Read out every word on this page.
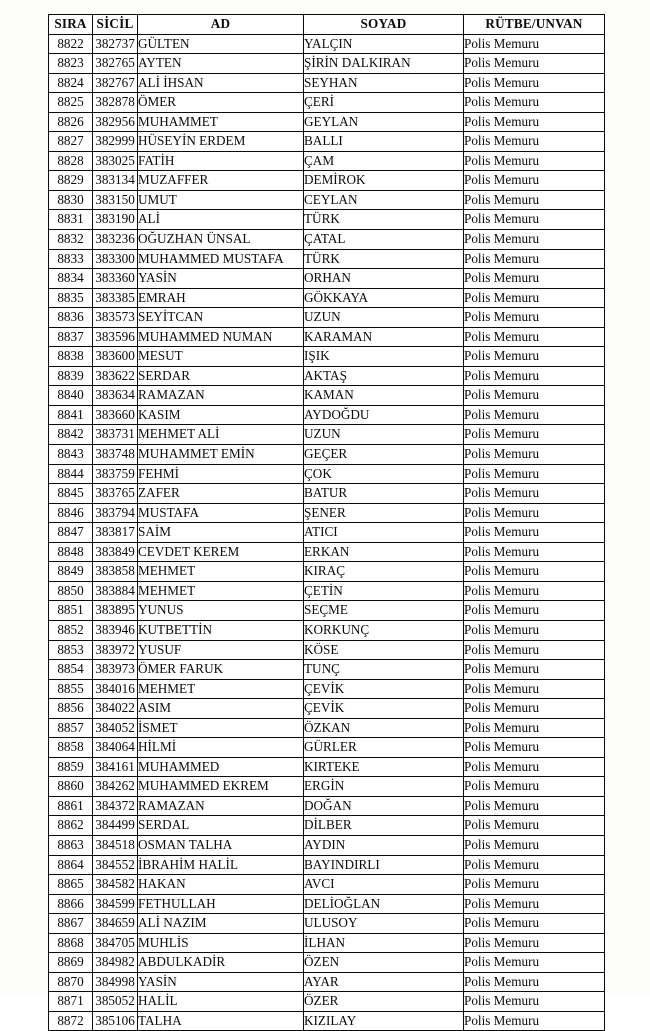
SIRA	SİCİL	AD	SOYAD	RÜTBE/UNVAN
8822	382737	GÜLTEN	YALÇIN	Polis Memuru
8823	382765	AYTEN	ŞİRİN DALKIRAN	Polis Memuru
8824	382767	ALİ İHSAN	SEYHAN	Polis Memuru
8825	382878	ÖMER	ÇERİ	Polis Memuru
8826	382956	MUHAMMET	GEYLAN	Polis Memuru
8827	382999	HÜSEYİN ERDEM	BALLI	Polis Memuru
8828	383025	FATİH	ÇAM	Polis Memuru
8829	383134	MUZAFFER	DEMİROK	Polis Memuru
8830	383150	UMUT	CEYLAN	Polis Memuru
8831	383190	ALİ	TÜRK	Polis Memuru
8832	383236	OĞUZHAN ÜNSAL	ÇATAL	Polis Memuru
8833	383300	MUHAMMED MUSTAFA	TÜRK	Polis Memuru
8834	383360	YASİN	ORHAN	Polis Memuru
8835	383385	EMRAH	GÖKKAYA	Polis Memuru
8836	383573	SEYİTCAN	UZUN	Polis Memuru
8837	383596	MUHAMMED NUMAN	KARAMAN	Polis Memuru
8838	383600	MESUT	IŞIK	Polis Memuru
8839	383622	SERDAR	AKTAŞ	Polis Memuru
8840	383634	RAMAZAN	KAMAN	Polis Memuru
8841	383660	KASIM	AYDOĞDU	Polis Memuru
8842	383731	MEHMET ALİ	UZUN	Polis Memuru
8843	383748	MUHAMMET EMİN	GEÇER	Polis Memuru
8844	383759	FEHMİ	ÇOK	Polis Memuru
8845	383765	ZAFER	BATUR	Polis Memuru
8846	383794	MUSTAFA	ŞENER	Polis Memuru
8847	383817	SAİM	ATICI	Polis Memuru
8848	383849	CEVDET KEREM	ERKAN	Polis Memuru
8849	383858	MEHMET	KIRAÇ	Polis Memuru
8850	383884	MEHMET	ÇETİN	Polis Memuru
8851	383895	YUNUS	SEÇME	Polis Memuru
8852	383946	KUTBETTİN	KORKUNÇ	Polis Memuru
8853	383972	YUSUF	KÖSE	Polis Memuru
8854	383973	ÖMER FARUK	TUNÇ	Polis Memuru
8855	384016	MEHMET	ÇEVİK	Polis Memuru
8856	384022	ASIM	ÇEVİK	Polis Memuru
8857	384052	İSMET	ÖZKAN	Polis Memuru
8858	384064	HİLMİ	GÜRLER	Polis Memuru
8859	384161	MUHAMMED	KIRTEKE	Polis Memuru
8860	384262	MUHAMMED EKREM	ERGİN	Polis Memuru
8861	384372	RAMAZAN	DOĞAN	Polis Memuru
8862	384499	SERDAL	DİLBER	Polis Memuru
8863	384518	OSMAN TALHA	AYDIN	Polis Memuru
8864	384552	İBRAHİM HALİL	BAYINDIRLI	Polis Memuru
8865	384582	HAKAN	AVCI	Polis Memuru
8866	384599	FETHULLAH	DELİOĞLAN	Polis Memuru
8867	384659	ALİ NAZIM	ULUSOY	Polis Memuru
8868	384705	MUHLİS	İLHAN	Polis Memuru
8869	384982	ABDULKADİR	ÖZEN	Polis Memuru
8870	384998	YASİN	AYAR	Polis Memuru
8871	385052	HALİL	ÖZER	Polis Memuru
8872	385106	TALHA	KIZILAY	Polis Memuru
